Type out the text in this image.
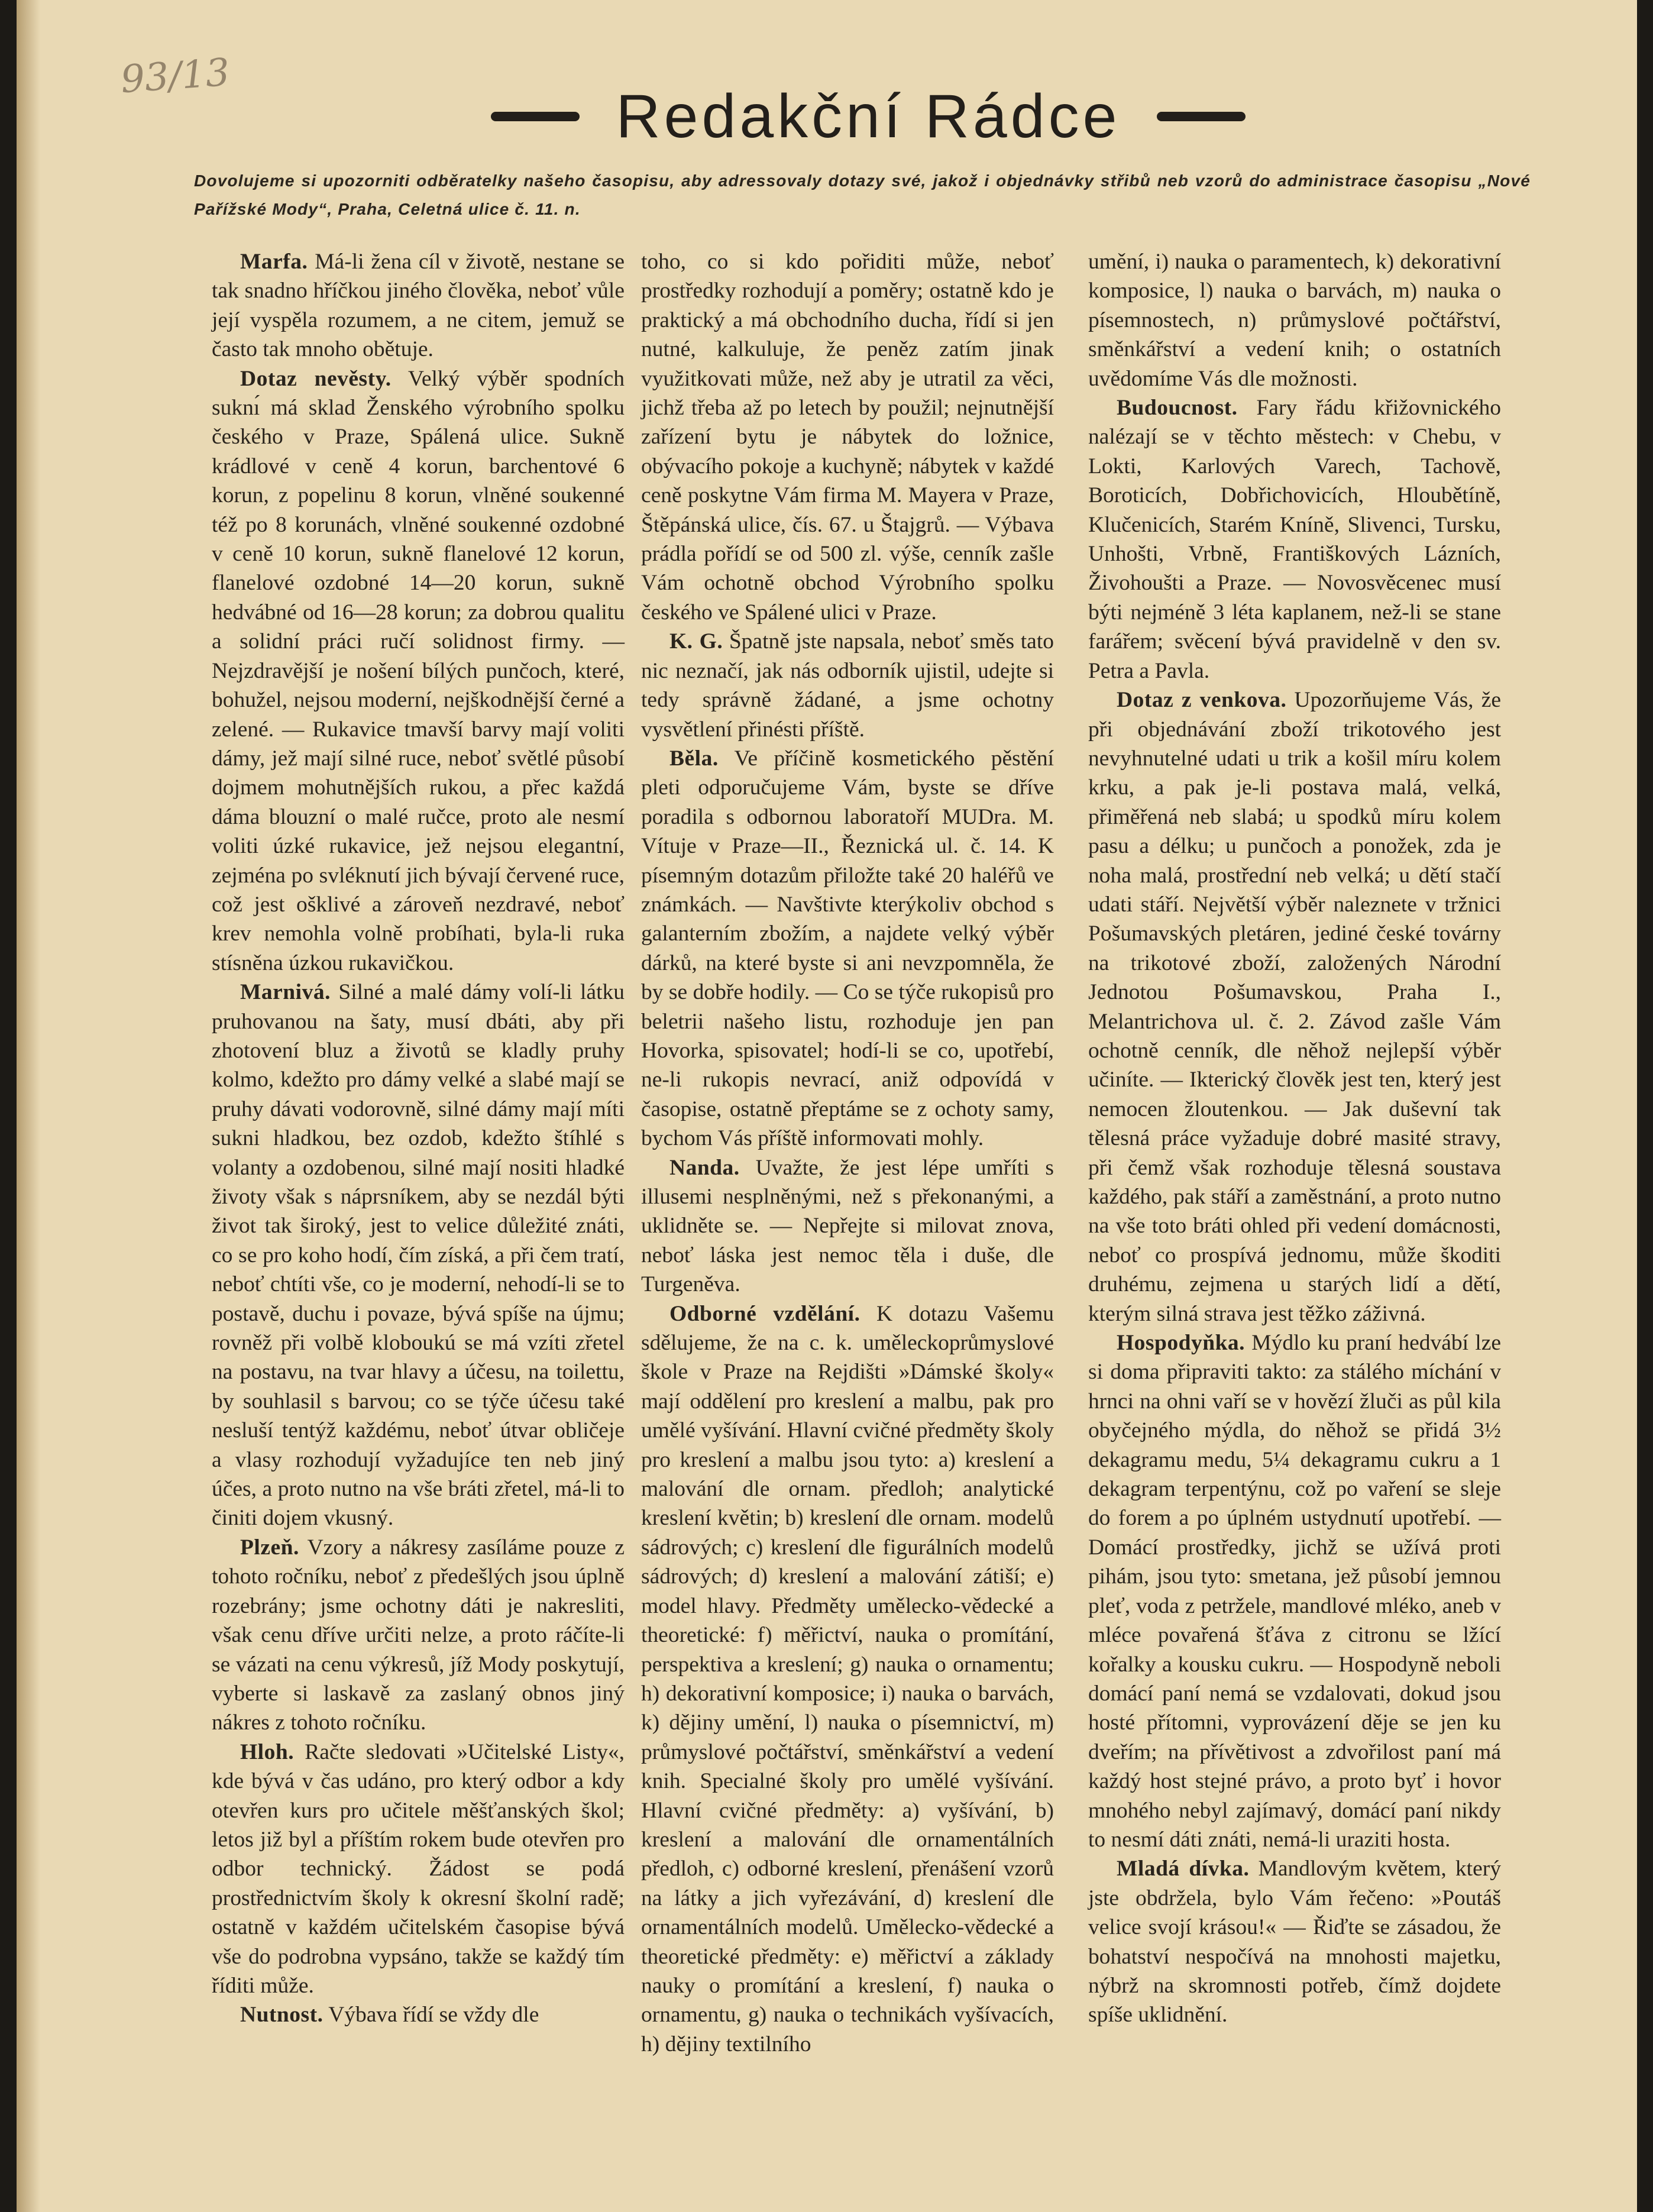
93/13
Redakční Rádce
Dovolujeme si upozorniti odběratelky našeho časopisu, aby adressovaly dotazy své, jakož i objednávky střibů neb vzorů do administrace časopisu „Nové Pařížské Mody“, Praha, Celetná ulice č. 11. n.

Marfa. Má-li žena cíl v životě, nestane se tak snadno hříčkou jiného člověka, neboť vůle její vyspěla rozumem, a ne citem, jemuž se často tak mnoho obětuje.

Dotaz nevěsty. Velký výběr spodních suknı́ má sklad Ženského výrobního spolku českého v Praze, Spálená ulice. Sukně krádlové v ceně 4 korun, barchentové 6 korun, z popelinu 8 korun, vlněné soukenné též po 8 korunách, vlněné soukenné ozdobné v ceně 10 korun, sukně flanelové 12 korun, flanelové ozdobné 14—20 korun, sukně hedvábné od 16—28 korun; za dobrou qualitu a solidní práci ručí solidnost firmy. — Nejzdravější je nošení bílých punčoch, které, bohužel, nejsou moderní, nejškodnější černé a zelené. — Rukavice tmavší barvy mají voliti dámy, jež mají silné ruce, neboť světlé působí dojmem mohutnějších rukou, a přec každá dáma blouzní o malé ručce, proto ale nesmí voliti úzké rukavice, jež nejsou elegantní, zejména po svléknutí jich bývají červené ruce, což jest ošklivé a zároveň nezdravé, neboť krev nemohla volně probíhati, byla-li ruka stísněna úzkou rukavičkou.

Marnivá. Silné a malé dámy volí-li látku pruhovanou na šaty, musí dbáti, aby při zhotovení bluz a životů se kladly pruhy kolmo, kdežto pro dámy velké a slabé mají se pruhy dávati vodorovně, silné dámy mají míti sukni hladkou, bez ozdob, kdežto štíhlé s volanty a ozdobenou, silné mají nositi hladké životy však s náprsníkem, aby se nezdál býti život tak široký, jest to velice důležité znáti, co se pro koho hodí, čím získá, a při čem tratí, neboť chtíti vše, co je moderní, nehodí-li se to postavě, duchu i povaze, bývá spíše na újmu; rovněž při volbě kloboukú se má vzíti zřetel na postavu, na tvar hlavy a účesu, na toilettu, by souhlasil s barvou; co se týče účesu také nesluší tentýž každému, neboť útvar obličeje a vlasy rozhodují vyžadujíce ten neb jiný účes, a proto nutno na vše bráti zřetel, má-li to činiti dojem vkusný.

Plzeň. Vzory a nákresy zasíláme pouze z tohoto ročníku, neboť z předešlých jsou úplně rozebrány; jsme ochotny dáti je nakresliti, však cenu dříve určiti nelze, a proto ráčíte-li se vázati na cenu výkresů, jíž Mody poskytují, vyberte si laskavě za zaslaný obnos jiný nákres z tohoto ročníku.

Hloh. Račte sledovati »Učitelské Listy«, kde bývá v čas udáno, pro který odbor a kdy otevřen kurs pro učitele měšťanských škol; letos již byl a příštím rokem bude otevřen pro odbor technický. Žádost se podá prostřednictvím školy k okresní školní radě; ostatně v každém učitelském časopise bývá vše do podrobna vypsáno, takže se každý tím říditi může.

Nutnost. Výbava řídí se vždy dle

toho, co si kdo pořiditi může, neboť prostředky rozhodují a poměry; ostatně kdo je praktický a má obchodního ducha, řídí si jen nutné, kalkuluje, že peněz zatím jinak využitkovati může, než aby je utratil za věci, jichž třeba až po letech by použil; nejnutnější zařízení bytu je nábytek do ložnice, obývacího pokoje a kuchyně; nábytek v každé ceně poskytne Vám firma M. Mayera v Praze, Štěpánská ulice, čís. 67. u Štajgrů. — Výbava prádla pořídí se od 500 zl. výše, cenník zašle Vám ochotně obchod Výrobního spolku českého ve Spálené ulici v Praze.

K. G. Špatně jste napsala, neboť směs tato nic neznačí, jak nás odborník ujistil, udejte si tedy správně žádané, a jsme ochotny vysvětlení přinésti příště.

Běla. Ve příčině kosmetického pěstění pleti odporučujeme Vám, byste se dříve poradila s odbornou laboratoří MUDra. M. Vítuje v Praze—II., Řeznická ul. č. 14. K písemným dotazům přiložte také 20 haléřů ve známkách. — Navštivte kterýkoliv obchod s galanterním zbožím, a najdete velký výběr dárků, na které byste si ani nevzpomněla, že by se dobře hodily. — Co se týče rukopisů pro beletrii našeho listu, rozhoduje jen pan Hovorka, spisovatel; hodí-li se co, upotřebí, ne-li rukopis nevrací, aniž odpovídá v časopise, ostatně přeptáme se z ochoty samy, bychom Vás příště informovati mohly.

Nanda. Uvažte, že jest lépe umříti s illusemi nesplněnými, než s překonanými, a uklidněte se. — Nepřejte si milovat znova, neboť láska jest nemoc těla i duše, dle Turgeněva.

Odborné vzdělání. K dotazu Vašemu sdělujeme, že na c. k. uměleckoprůmyslové škole v Praze na Rejdišti »Dámské školy« mají oddělení pro kreslení a malbu, pak pro umělé vyšívání. Hlavní cvičné předměty školy pro kreslení a malbu jsou tyto: a) kreslení a malování dle ornam. předloh; analytické kreslení květin; b) kreslení dle ornam. modelů sádrových; c) kreslení dle figurálních modelů sádrových; d) kreslení a malování zátiší; e) model hlavy. Předměty umělecko-vědecké a theoretické: f) měřictví, nauka o promítání, perspektiva a kreslení; g) nauka o ornamentu; h) dekorativní komposice; i) nauka o barvách, k) dějiny umění, l) nauka o písemnictví, m) průmyslové počtářství, směnkářství a vedení knih. Specialné školy pro umělé vyšívání. Hlavní cvičné předměty: a) vyšívání, b) kreslení a malování dle ornamentálních předloh, c) odborné kreslení, přenášení vzorů na látky a jich vyřezávání, d) kreslení dle ornamentálních modelů. Umělecko-vědecké a theoretické předměty: e) měřictví a základy nauky o promítání a kreslení, f) nauka o ornamentu, g) nauka o technikách vyšívacích, h) dějiny textilního

umění, i) nauka o paramentech, k) dekorativní komposice, l) nauka o barvách, m) nauka o písemnostech, n) průmyslové počtářství, směnkářství a vedení knih; o ostatních uvědomíme Vás dle možnosti.

Budoucnost. Fary řádu křižovnického nalézají se v těchto městech: v Chebu, v Lokti, Karlových Varech, Tachově, Boroticích, Dobřichovicích, Hloubětíně, Klučenicích, Starém Kníně, Slivenci, Tursku, Unhošti, Vrbně, Františkových Lázních, Živohoušti a Praze. — Novosvěcenec musí býti nejméně 3 léta kaplanem, než-li se stane farářem; svěcení bývá pravidelně v den sv. Petra a Pavla.

Dotaz z venkova. Upozorňujeme Vás, že při objednávání zboží trikotového jest nevyhnutelné udati u trik a košil míru kolem krku, a pak je-li postava malá, velká, přiměřená neb slabá; u spodků míru kolem pasu a délku; u punčoch a ponožek, zda je noha malá, prostřední neb velká; u dětí stačí udati stáří. Největší výběr naleznete v tržnici Pošumavských pletáren, jediné české továrny na trikotové zboží, založených Národní Jednotou Pošumavskou, Praha I., Melantrichova ul. č. 2. Závod zašle Vám ochotně cenník, dle něhož nejlepší výběr učiníte. — Ikterický člověk jest ten, který jest nemocen žloutenkou. — Jak duševní tak tělesná práce vyžaduje dobré masité stravy, při čemž však rozhoduje tělesná soustava každého, pak stáří a zaměstnání, a proto nutno na vše toto bráti ohled při vedení domácnosti, neboť co prospívá jednomu, může škoditi druhému, zejmena u starých lidí a dětí, kterým silná strava jest těžko záživná.

Hospodyňka. Mýdlo ku praní hedvábí lze si doma připraviti takto: za stálého míchání v hrnci na ohni vaří se v hovězí žluči as půl kila obyčejného mýdla, do něhož se přidá 3½ dekagramu medu, 5¼ dekagramu cukru a 1 dekagram terpentýnu, což po vaření se sleje do forem a po úplném ustydnutí upotřebí. — Domácí prostředky, jichž se užívá proti pihám, jsou tyto: smetana, jež působí jemnou pleť, voda z petržele, mandlové mléko, aneb v mléce povařená šťáva z citronu se lžící kořalky a kousku cukru. — Hospodyně neboli domácí paní nemá se vzdalovati, dokud jsou hosté přítomni, vyprovázení děje se jen ku dveřím; na přívětivost a zdvořilost paní má každý host stejné právo, a proto byť i hovor mnohého nebyl zajímavý, domácí paní nikdy to nesmí dáti znáti, nemá-li uraziti hosta.

Mladá dívka. Mandlovým květem, který jste obdržela, bylo Vám řečeno: »Poutáš velice svojí krásou!« — Řiďte se zásadou, že bohatství nespočívá na mnohosti majetku, nýbrž na skromnosti potřeb, čímž dojdete spíše uklidnění.
